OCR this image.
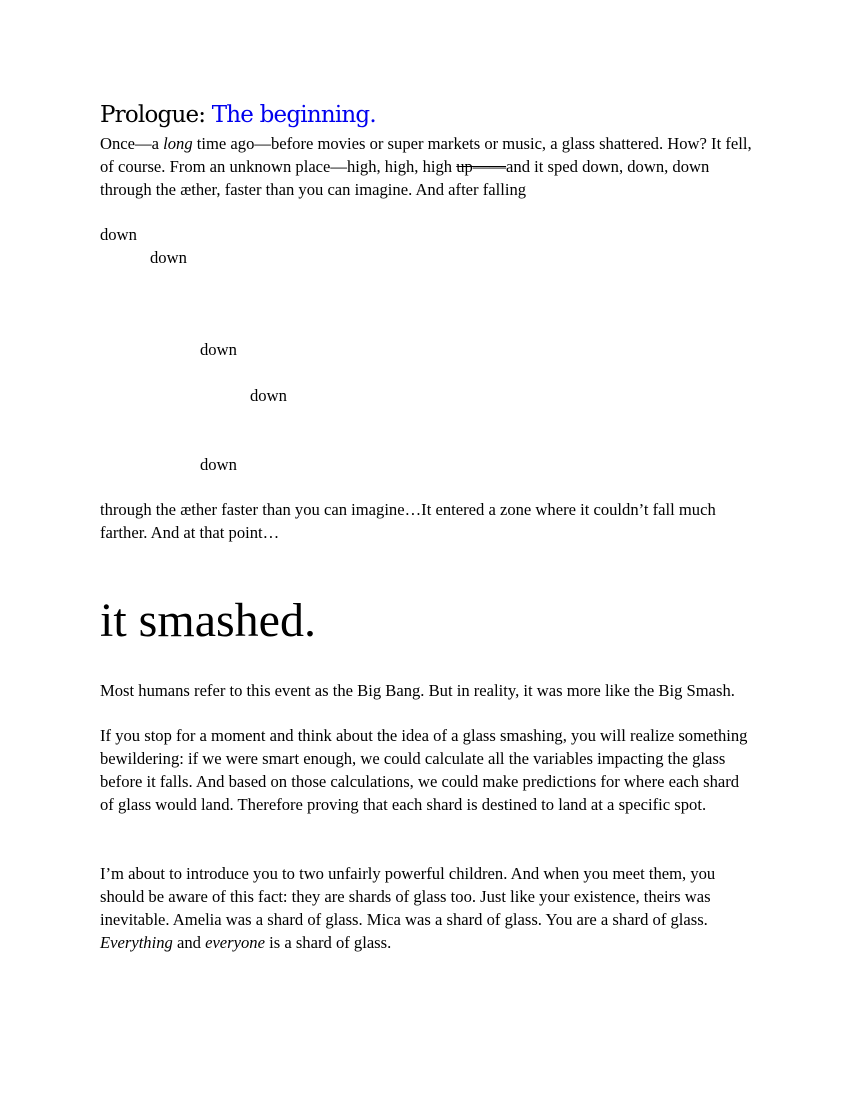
Prologue: The beginning.

Once—a long time ago—before movies or super markets or music, a glass shattered. How? It fell, of course. From an unknown place—high, high, high up——and it sped down, down, down through the æther, faster than you can imagine. And after falling

down

down

down

down

down

through the æther faster than you can imagine…It entered a zone where it couldn’t fall much farther. And at that point…

it smashed.

Most humans refer to this event as the Big Bang. But in reality, it was more like the Big Smash.

If you stop for a moment and think about the idea of a glass smashing, you will realize something bewildering: if we were smart enough, we could calculate all the variables impacting the glass before it falls. And based on those calculations, we could make predictions for where each shard of glass would land. Therefore proving that each shard is destined to land at a specific spot.

I’m about to introduce you to two unfairly powerful children. And when you meet them, you should be aware of this fact: they are shards of glass too. Just like your existence, theirs was inevitable. Amelia was a shard of glass. Mica was a shard of glass. You are a shard of glass. Everything and everyone is a shard of glass.
